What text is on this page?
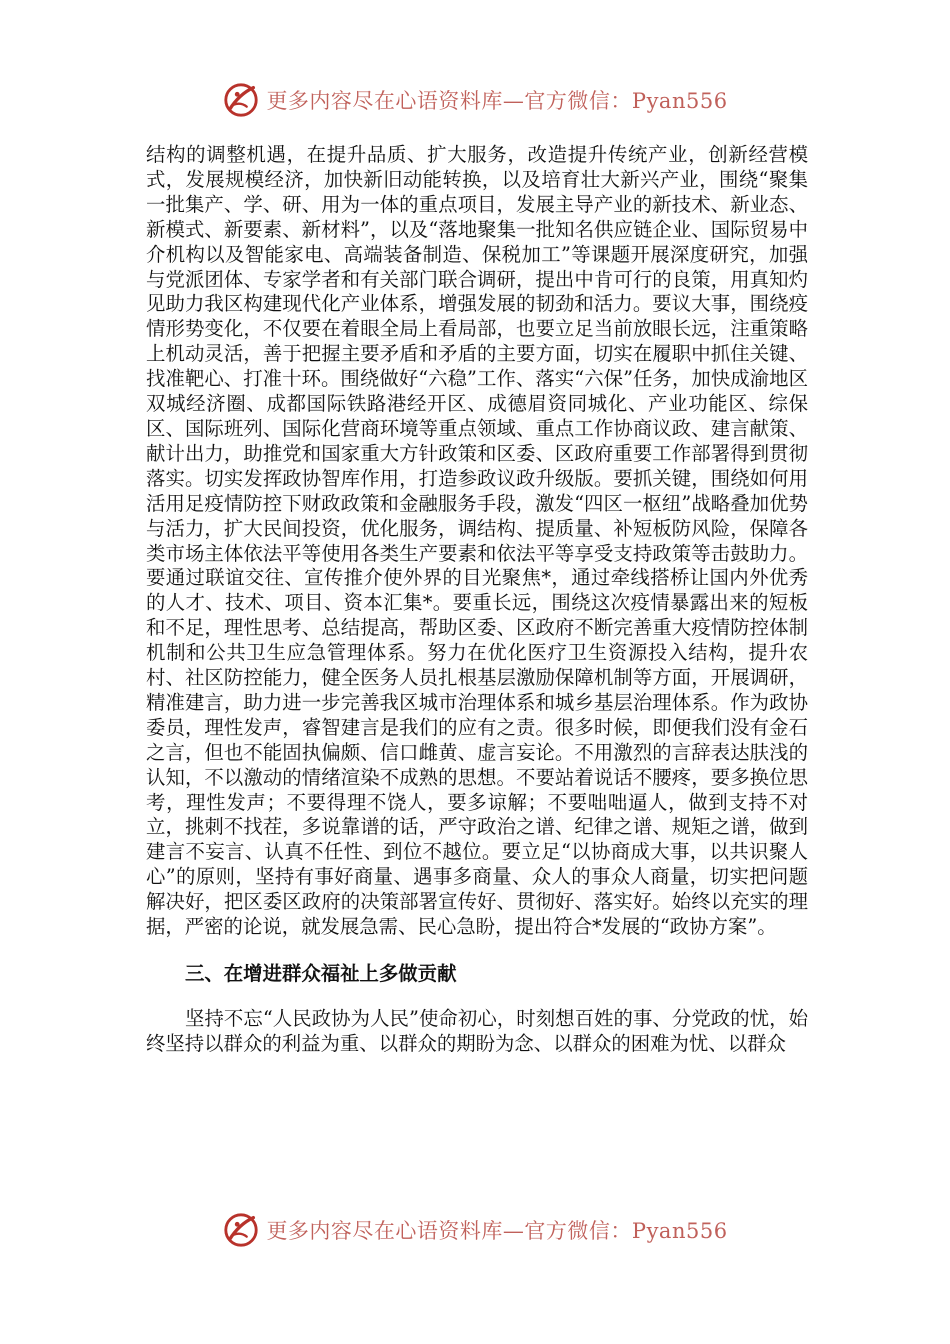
更多内容尽在心语资料库—官方微信：Pyan556

结构的调整机遇，在提升品质、扩大服务，改造提升传统产业，创新经营模式，发展规模经济，加快新旧动能转换，以及培育壮大新兴产业，围绕“聚集一批集产、学、研、用为一体的重点项目，发展主导产业的新技术、新业态、新模式、新要素、新材料”，以及“落地聚集一批知名供应链企业、国际贸易中介机构以及智能家电、高端装备制造、保税加工”等课题开展深度研究，加强与党派团体、专家学者和有关部门联合调研，提出中肯可行的良策，用真知灼见助力我区构建现代化产业体系，增强发展的韧劲和活力。要议大事，围绕疫情形势变化，不仅要在着眼全局上看局部，也要立足当前放眼长远，注重策略上机动灵活，善于把握主要矛盾和矛盾的主要方面，切实在履职中抓住关键、找准靶心、打准十环。围绕做好“六稳”工作、落实“六保”任务，加快成渝地区双城经济圈、成都国际铁路港经开区、成德眉资同城化、产业功能区、综保区、国际班列、国际化营商环境等重点领域、重点工作协商议政、建言献策、献计出力，助推党和国家重大方针政策和区委、区政府重要工作部署得到贯彻落实。切实发挥政协智库作用，打造参政议政升级版。要抓关键，围绕如何用活用足疫情防控下财政政策和金融服务手段，激发“四区一枢纽”战略叠加优势与活力，扩大民间投资，优化服务，调结构、提质量、补短板防风险，保障各类市场主体依法平等使用各类生产要素和依法平等享受支持政策等击鼓助力。要通过联谊交往、宣传推介使外界的目光聚焦*，通过牵线搭桥让国内外优秀的人才、技术、项目、资本汇集*。要重长远，围绕这次疫情暴露出来的短板和不足，理性思考、总结提高，帮助区委、区政府不断完善重大疫情防控体制机制和公共卫生应急管理体系。努力在优化医疗卫生资源投入结构，提升农村、社区防控能力，健全医务人员扎根基层激励保障机制等方面，开展调研，精准建言，助力进一步完善我区城市治理体系和城乡基层治理体系。作为政协委员，理性发声，睿智建言是我们的应有之责。很多时候，即便我们没有金石之言，但也不能固执偏颇、信口雌黄、虚言妄论。不用激烈的言辞表达肤浅的认知，不以激动的情绪渲染不成熟的思想。不要站着说话不腰疼，要多换位思考，理性发声；不要得理不饶人，要多谅解；不要咄咄逼人，做到支持不对立，挑刺不找茬，多说靠谱的话，严守政治之谱、纪律之谱、规矩之谱，做到建言不妄言、认真不任性、到位不越位。要立足“以协商成大事，以共识聚人心”的原则，坚持有事好商量、遇事多商量、众人的事众人商量，切实把问题解决好，把区委区政府的决策部署宣传好、贯彻好、落实好。始终以充实的理据，严密的论说，就发展急需、民心急盼，提出符合*发展的“政协方案”。

三、在增进群众福祉上多做贡献

坚持不忘“人民政协为人民”使命初心，时刻想百姓的事、分党政的忧，始终坚持以群众的利益为重、以群众的期盼为念、以群众的困难为忧、以群众

更多内容尽在心语资料库—官方微信：Pyan556
